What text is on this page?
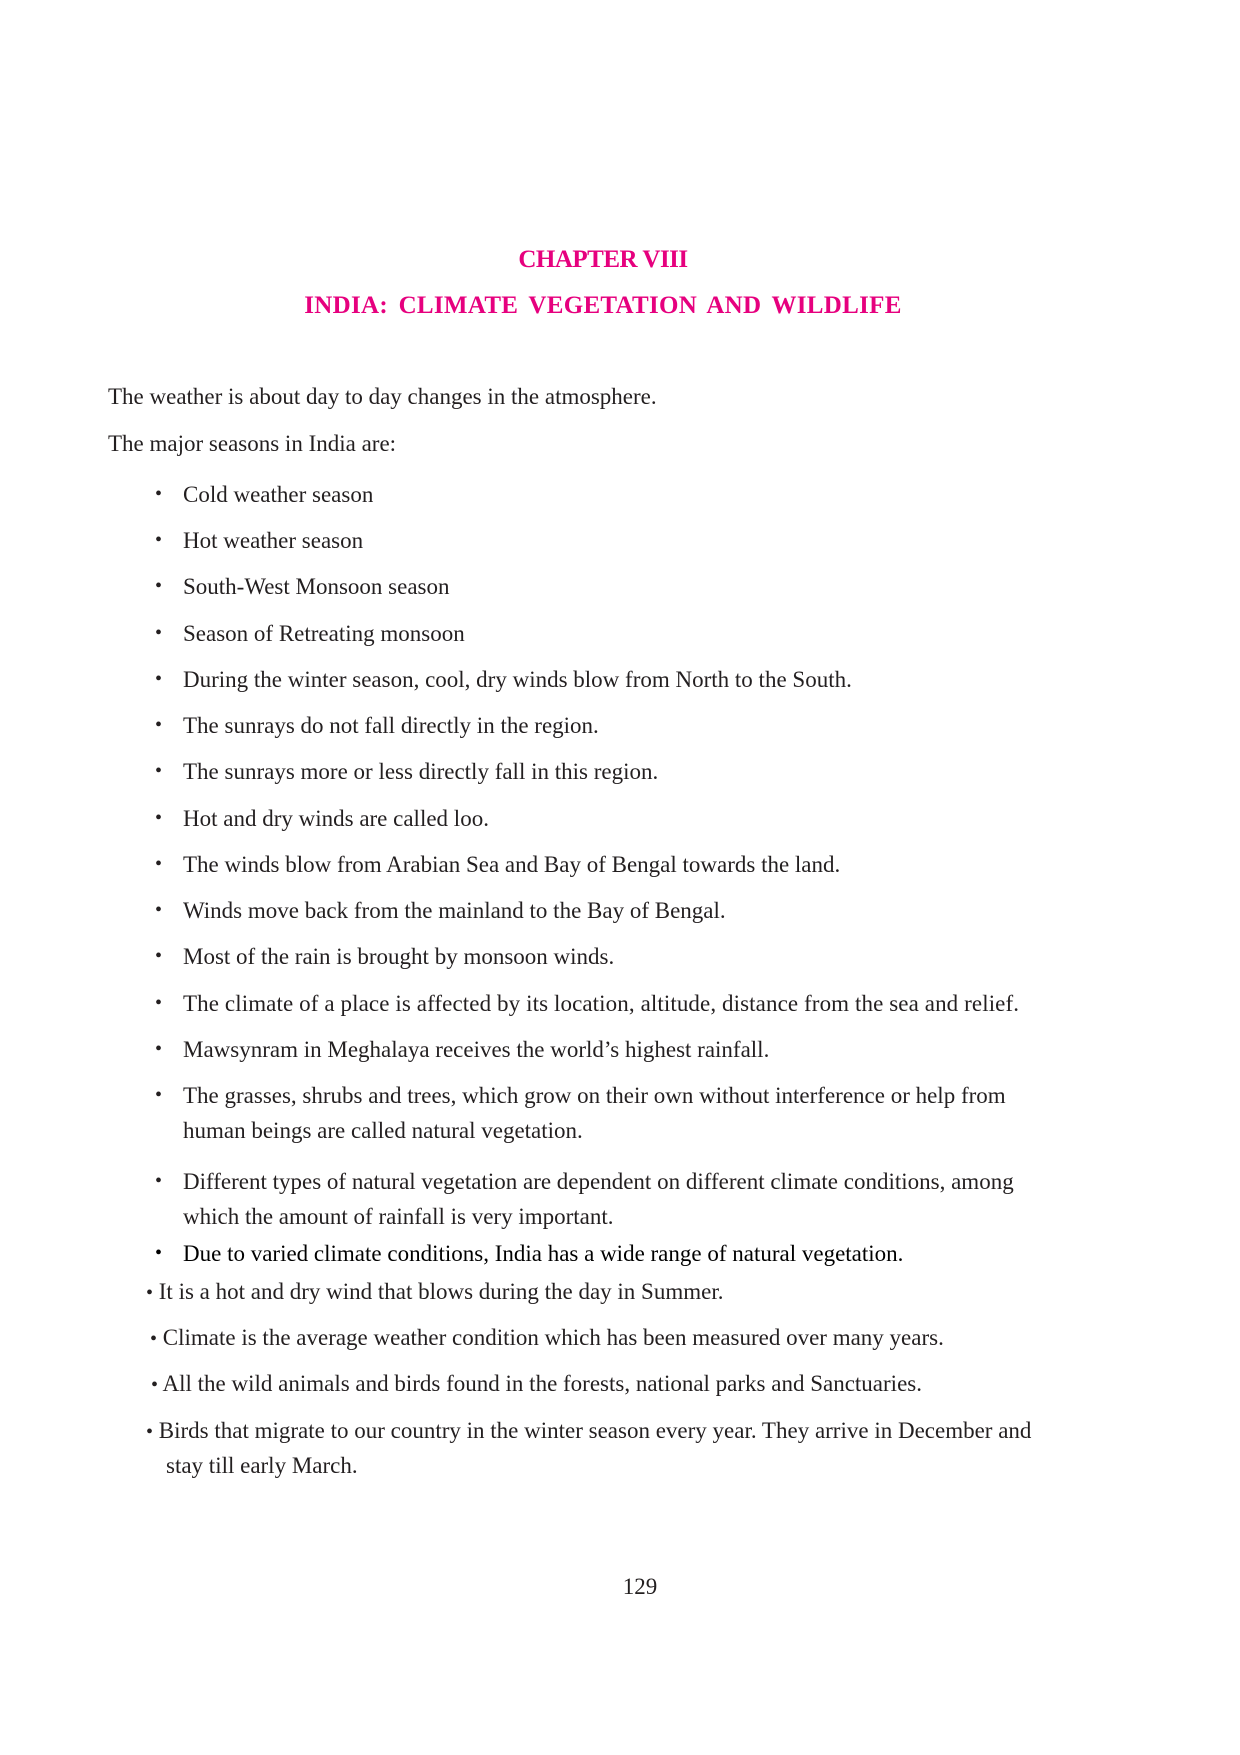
CHAPTER VIII
INDIA: CLIMATE VEGETATION AND WILDLIFE

The weather is about day to day changes in the atmosphere.

The major seasons in India are:

• Cold weather season
• Hot weather season
• South-West Monsoon season
• Season of Retreating monsoon
• During the winter season, cool, dry winds blow from North to the South.
• The sunrays do not fall directly in the region.
• The sunrays more or less directly fall in this region.
• Hot and dry winds are called loo.
• The winds blow from Arabian Sea and Bay of Bengal towards the land.
• Winds move back from the mainland to the Bay of Bengal.
• Most of the rain is brought by monsoon winds.
• The climate of a place is affected by its location, altitude, distance from the sea and relief.
• Mawsynram in Meghalaya receives the world’s highest rainfall.
• The grasses, shrubs and trees, which grow on their own without interference or help from
human beings are called natural vegetation.
• Different types of natural vegetation are dependent on different climate conditions, among
which the amount of rainfall is very important.
• Due to varied climate conditions, India has a wide range of natural vegetation.
• It is a hot and dry wind that blows during the day in Summer.
• Climate is the average weather condition which has been measured over many years.
• All the wild animals and birds found in the forests, national parks and Sanctuaries.
• Birds that migrate to our country in the winter season every year. They arrive in December and
stay till early March.
129
